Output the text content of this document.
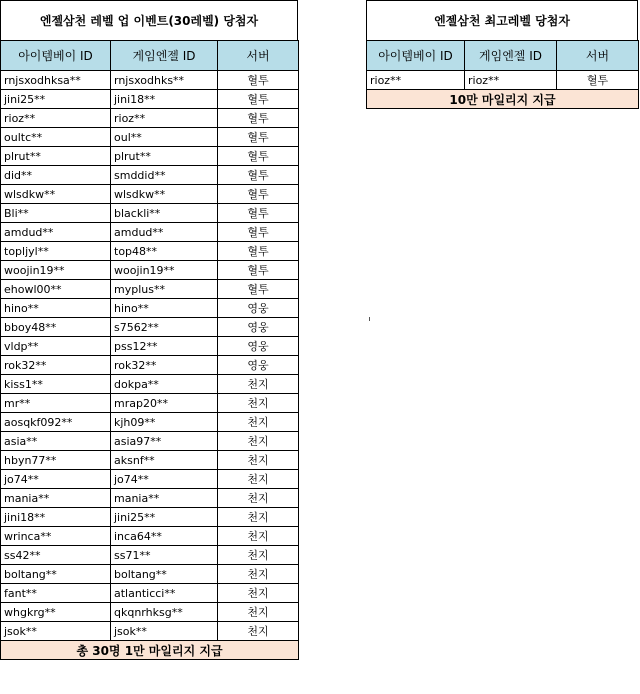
엔젤삼천 레벨 업 이벤트(30레벨) 당첨자
아이템베이 ID	게임엔젤 ID	서버
rnjsxodhksa**	rnjsxodhks**	혈투
jini25**	jini18**	혈투
rioz**	rioz**	혈투
oultc**	oul**	혈투
plrut**	plrut**	혈투
did**	smddid**	혈투
wlsdkw**	wlsdkw**	혈투
Bli**	blackli**	혈투
amdud**	amdud**	혈투
topljyl**	top48**	혈투
woojin19**	woojin19**	혈투
ehowl00**	myplus**	혈투
hino**	hino**	영웅
bboy48**	s7562**	영웅
vldp**	pss12**	영웅
rok32**	rok32**	영웅
kiss1**	dokpa**	천지
mr**	mrap20**	천지
aosqkf092**	kjh09**	천지
asia**	asia97**	천지
hbyn77**	aksnf**	천지
jo74**	jo74**	천지
mania**	mania**	천지
jini18**	jini25**	천지
wrinca**	inca64**	천지
ss42**	ss71**	천지
boltang**	boltang**	천지
fant**	atlanticci**	천지
whgkrg**	qkqnrhksg**	천지
jsok**	jsok**	천지
총 30명 1만 마일리지 지급		
엔젤삼천 최고레벨 당첨자
아이템베이 ID	게임엔젤 ID	서버
rioz**	rioz**	혈투
10만 마일리지 지급		
